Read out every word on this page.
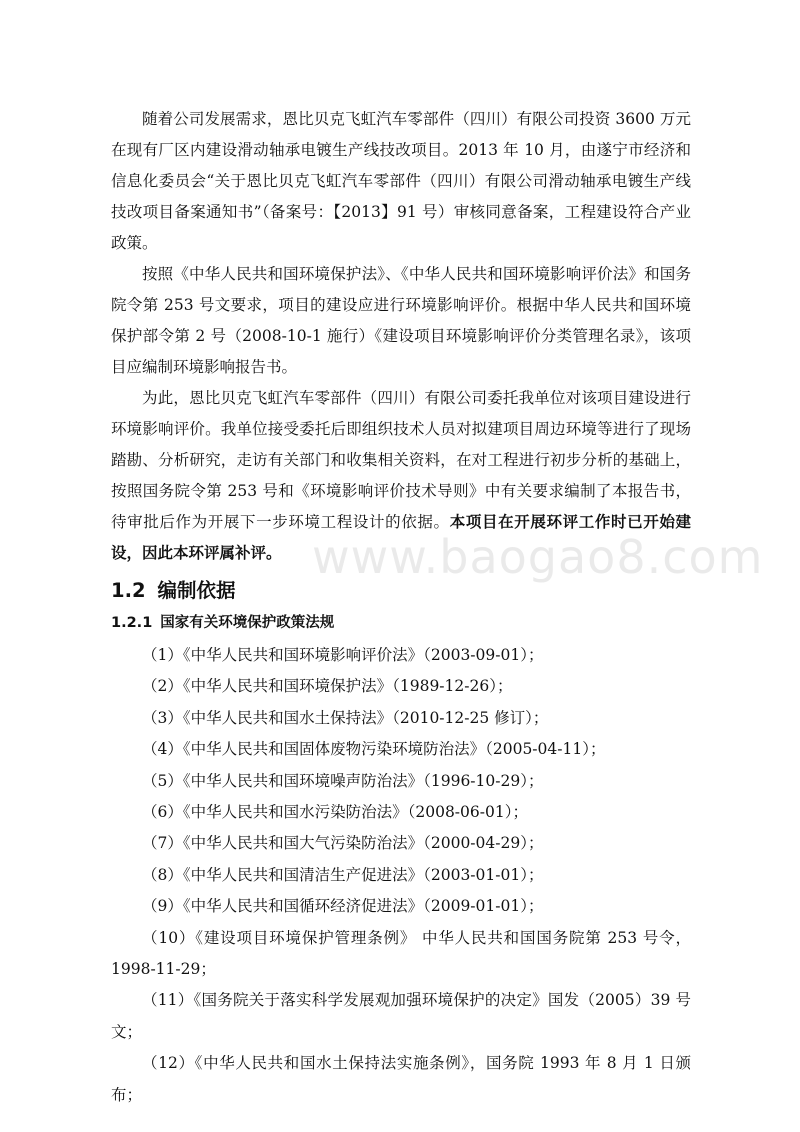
www.baogao8.com

随着公司发展需求，恩比贝克飞虹汽车零部件（四川）有限公司投资 3600 万元在现有厂区内建设滑动轴承电镀生产线技改项目。2013 年 10 月，由遂宁市经济和信息化委员会“关于恩比贝克飞虹汽车零部件（四川）有限公司滑动轴承电镀生产线技改项目备案通知书”（备案号：【2013】91 号）审核同意备案，工程建设符合产业政策。

按照《中华人民共和国环境保护法》、《中华人民共和国环境影响评价法》和国务院令第 253 号文要求，项目的建设应进行环境影响评价。根据中华人民共和国环境保护部令第 2 号（2008-10-1 施行）《建设项目环境影响评价分类管理名录》，该项目应编制环境影响报告书。

为此，恩比贝克飞虹汽车零部件（四川）有限公司委托我单位对该项目建设进行环境影响评价。我单位接受委托后即组织技术人员对拟建项目周边环境等进行了现场踏勘、分析研究，走访有关部门和收集相关资料，在对工程进行初步分析的基础上，按照国务院令第 253 号和《环境影响评价技术导则》中有关要求编制了本报告书，待审批后作为开展下一步环境工程设计的依据。本项目在开展环评工作时已开始建设，因此本环评属补评。

1.2 编制依据
1.2.1 国家有关环境保护政策法规
（1）《中华人民共和国环境影响评价法》（2003-09-01）；
（2）《中华人民共和国环境保护法》（1989-12-26）；
（3）《中华人民共和国水土保持法》（2010-12-25 修订）；
（4）《中华人民共和国固体废物污染环境防治法》（2005-04-11）；
（5）《中华人民共和国环境噪声防治法》（1996-10-29）；
（6）《中华人民共和国水污染防治法》（2008-06-01）；
（7）《中华人民共和国大气污染防治法》（2000-04-29）；
（8）《中华人民共和国清洁生产促进法》（2003-01-01）；
（9）《中华人民共和国循环经济促进法》（2009-01-01）；
（10）《建设项目环境保护管理条例》 中华人民共和国国务院第 253 号令，1998-11-29；
（11）《国务院关于落实科学发展观加强环境保护的决定》国发（2005）39 号文；
（12）《中华人民共和国水土保持法实施条例》，国务院 1993 年 8 月 1 日颁布；
